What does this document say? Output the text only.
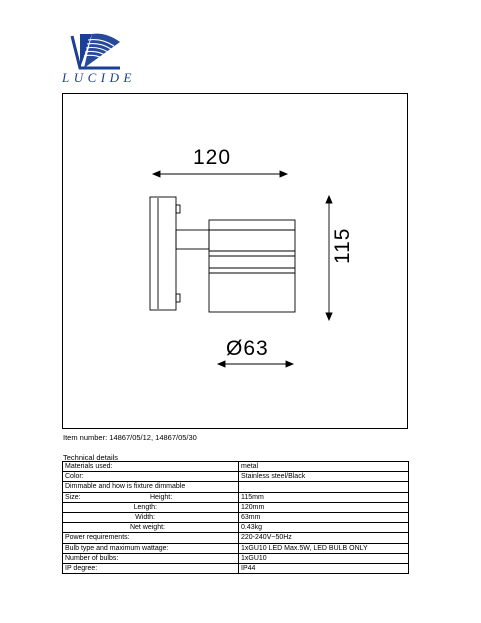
LUCIDE
120
115
Ø63
Item number: 14867/05/12, 14867/05/30
Technical details
Materials used:	metal
Color:	Stainless steel/Black
Dimmable and how is fixture dimmable	
Size: Height:	115mm
Length:	120mm
Width:	63mm
Net weight:	0.43kg
Power requirements:	220-240V~50Hz
Bulb type and maximum wattage:	1xGU10 LED Max.5W, LED BULB ONLY
Number of bulbs:	1xGU10
IP degree:	IP44
